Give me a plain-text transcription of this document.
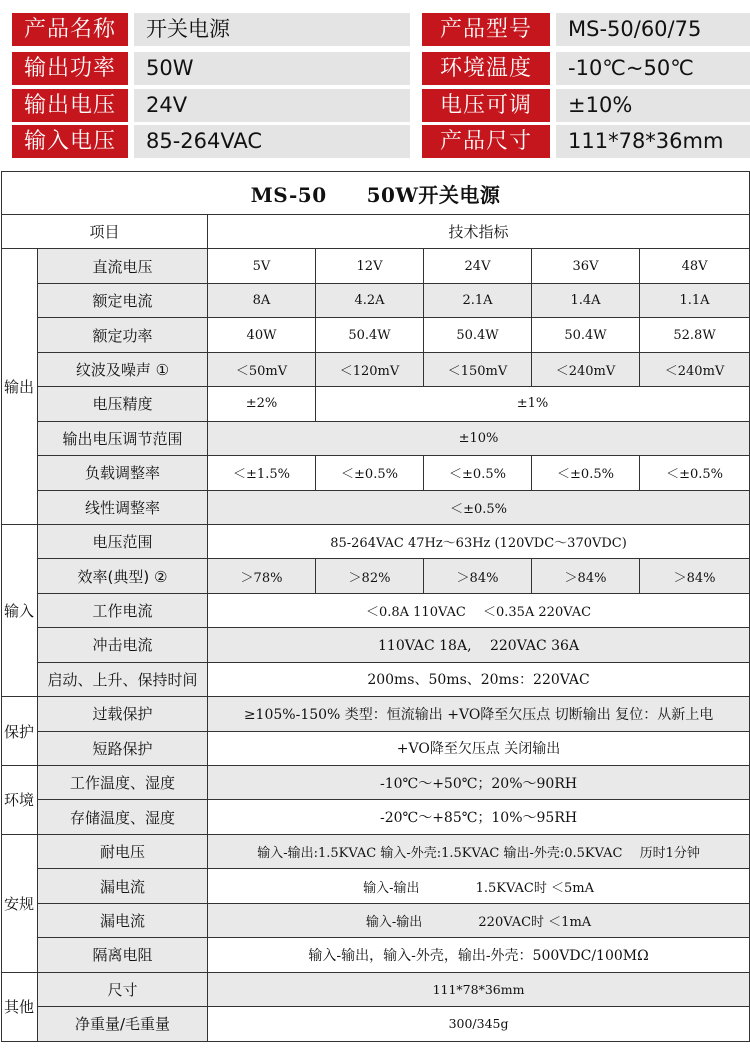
产品名称	开关电源	产品型号	MS-50/60/75
输出功率	50W	环境温度	-10℃~50℃
输出电压	24V	电压可调	±10%
输入电压	85-264VAC	产品尺寸	111*78*36mm
MS-50 50W开关电源						
项目		技术指标				
输出	直流电压	5V	12V	24V	36V	48V
	额定电流	8A	4.2A	2.1A	1.4A	1.1A
	额定功率	40W	50.4W	50.4W	50.4W	52.8W
	纹波及噪声 ①	＜50mV	＜120mV	＜150mV	＜240mV	＜240mV
	电压精度	±2%	±1%			
	输出电压调节范围	±10%				
	负载调整率	＜±1.5%	＜±0.5%	＜±0.5%	＜±0.5%	＜±0.5%
	线性调整率	＜±0.5%				
输入	电压范围	85-264VAC 47Hz～63Hz (120VDC～370VDC)				
	效率(典型) ②	＞78%	＞82%	＞84%	＞84%	＞84%
	工作电流	＜0.8A 110VAC　 ＜0.35A 220VAC				
	冲击电流	110VAC 18A,　 220VAC 36A				
	启动、上升、保持时间	200ms、50ms、20ms：220VAC				
保护	过载保护	≥105%-150% 类型：恒流输出 +VO降至欠压点 切断输出 复位：从新上电				
	短路保护	+VO降至欠压点 关闭输出				
环境	工作温度、湿度	-10℃～+50℃；20%～90RH				
	存储温度、湿度	-20℃～+85℃；10%～95RH				
安规	耐电压	输入-输出:1.5KVAC 输入-外壳:1.5KVAC 输出-外壳:0.5KVAC　 历时1分钟				
	漏电流	输入-输出　　　　 1.5KVAC时 ＜5mA				
	漏电流	输入-输出　　　　 220VAC时 ＜1mA				
	隔离电阻	输入-输出，输入-外壳，输出-外壳：500VDC/100MΩ				
其他	尺寸	111*78*36mm				
	净重量/毛重量	300/345g				
